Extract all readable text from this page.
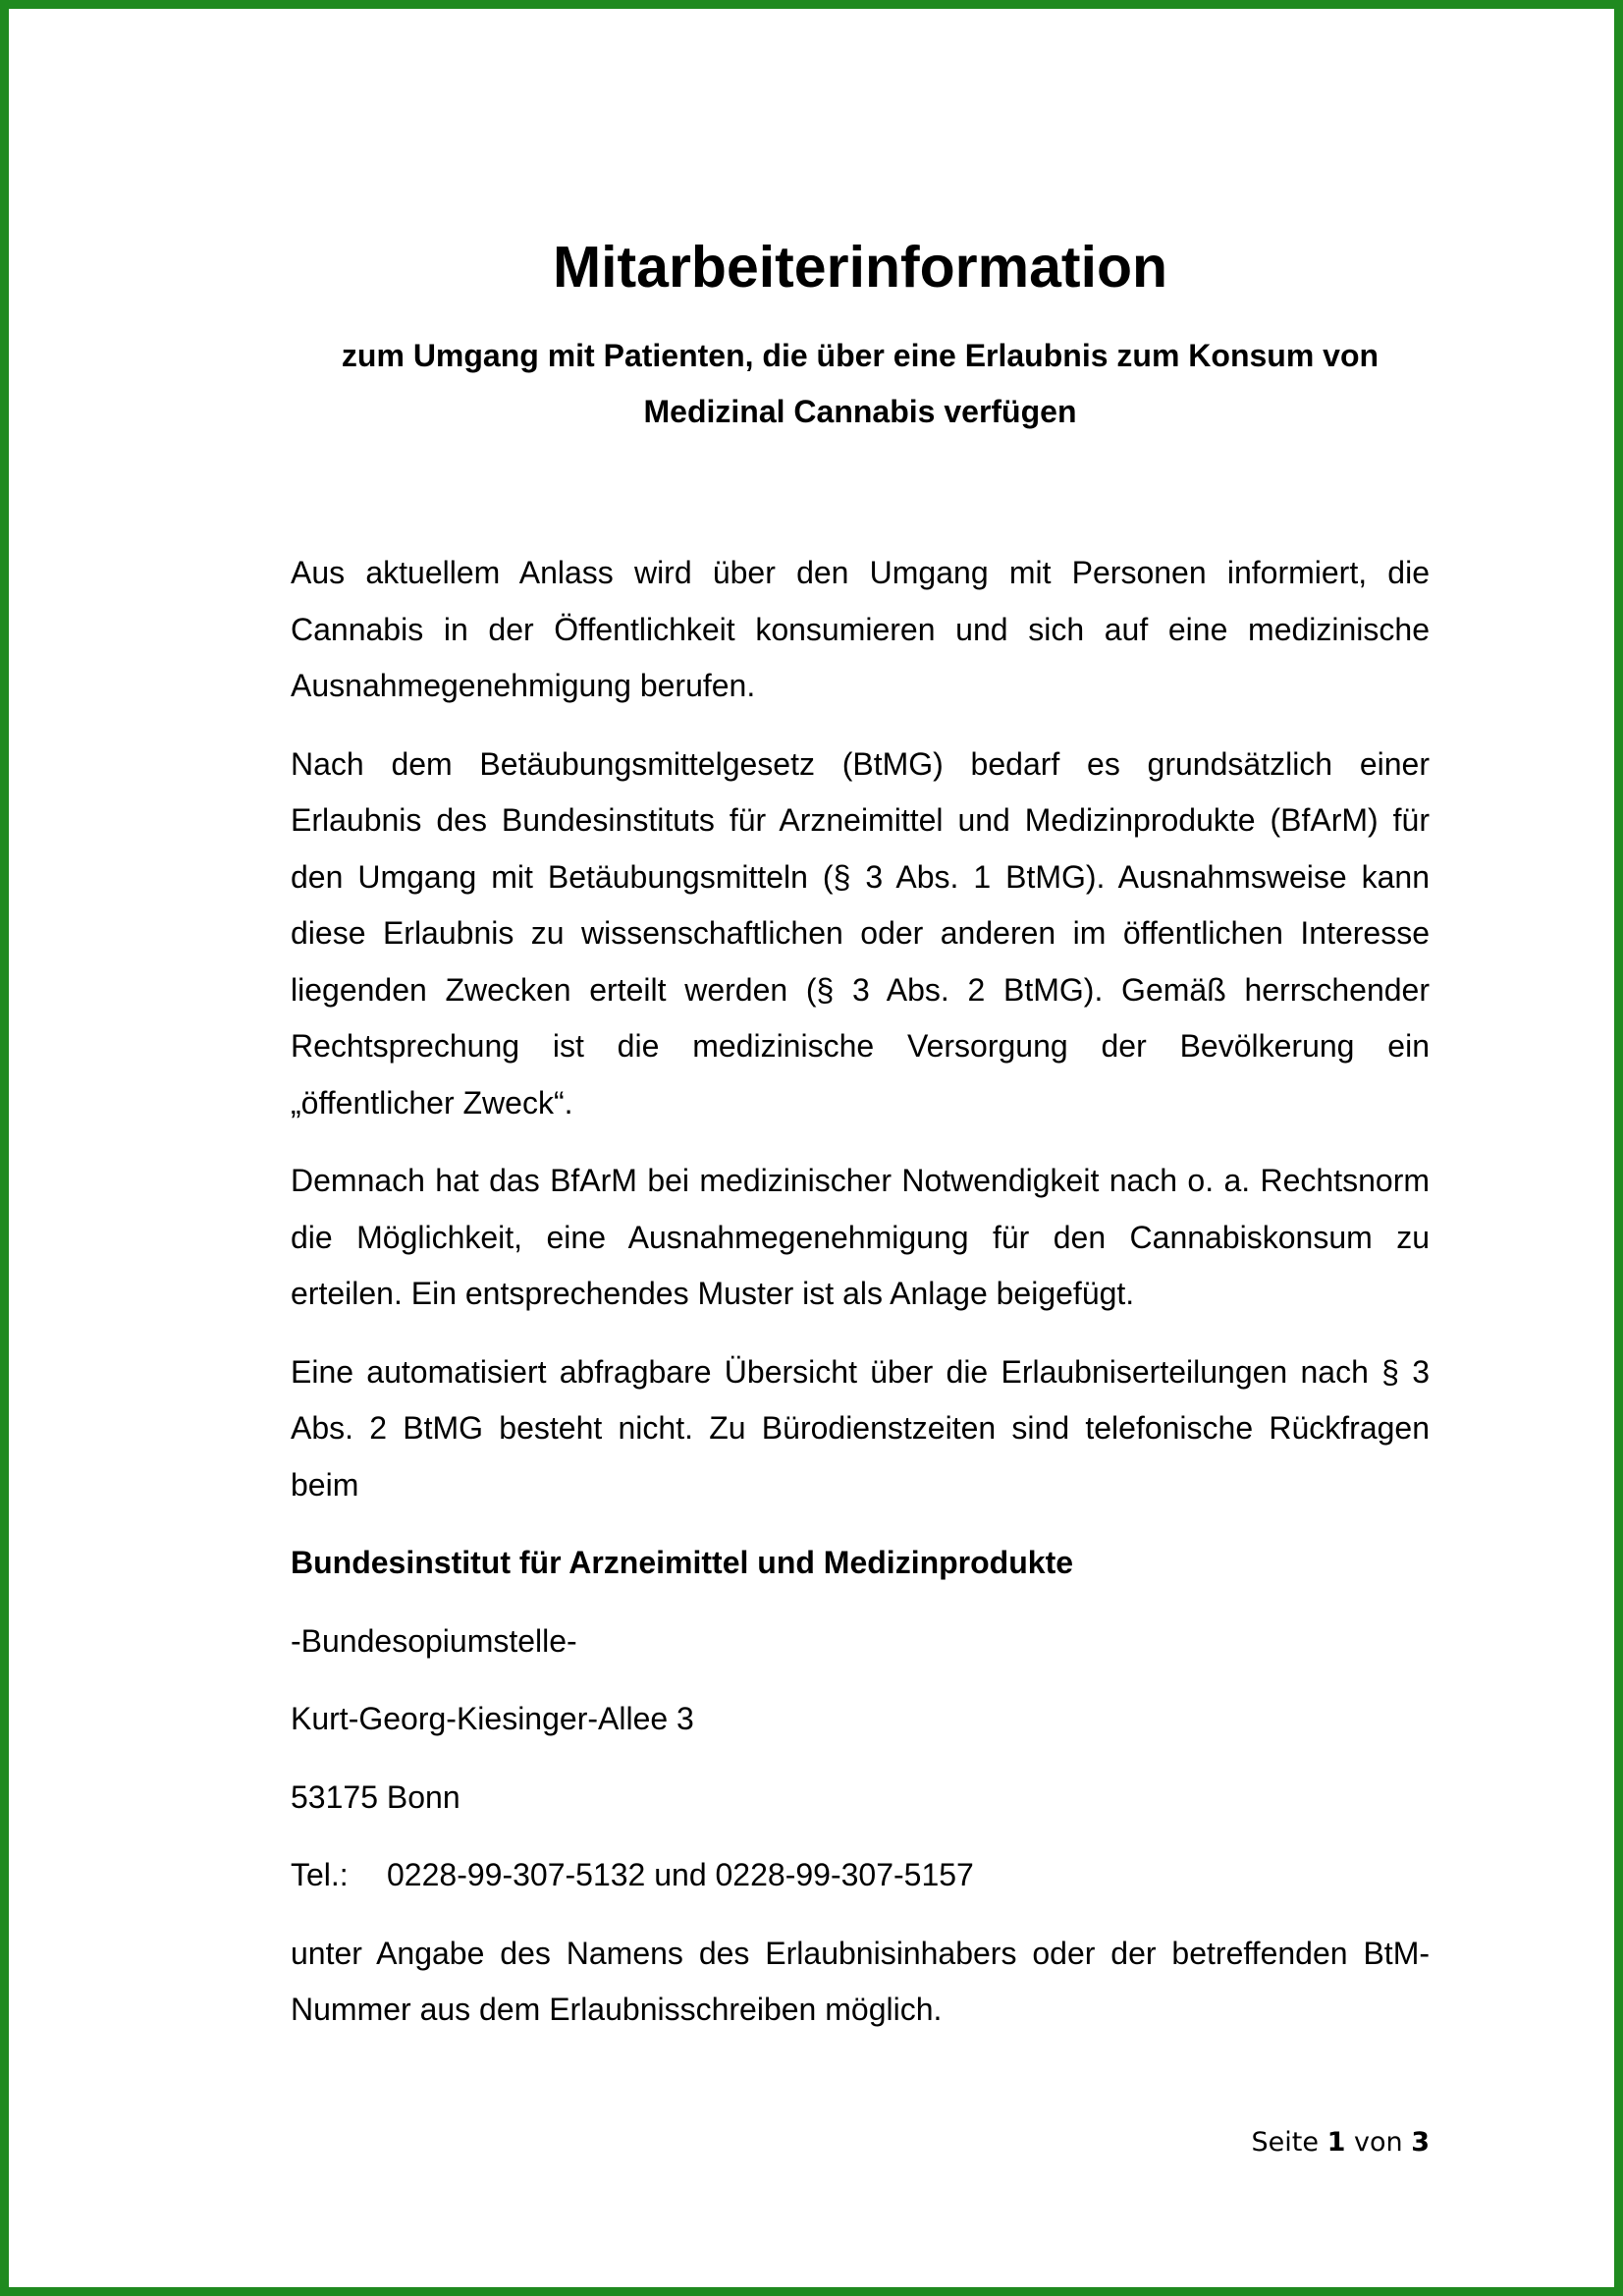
Mitarbeiterinformation
zum Umgang mit Patienten, die über eine Erlaubnis zum Konsum von
Medizinal Cannabis verfügen

Aus aktuellem Anlass wird über den Umgang mit Personen informiert, die Cannabis in der Öffentlichkeit konsumieren und sich auf eine medizinische Ausnahmegenehmigung berufen.

Nach dem Betäubungsmittelgesetz (BtMG) bedarf es grundsätzlich einer Erlaubnis des Bundesinstituts für Arzneimittel und Medizinprodukte (BfArM) für den Umgang mit Betäubungsmitteln (§ 3 Abs. 1 BtMG). Ausnahmsweise kann diese Erlaubnis zu wissenschaftlichen oder anderen im öffentlichen Interesse liegenden Zwecken erteilt werden (§ 3 Abs. 2 BtMG). Gemäß herrschender Rechtsprechung ist die medizinische Versorgung der Bevölkerung ein „öffentlicher Zweck“.

Demnach hat das BfArM bei medizinischer Notwendigkeit nach o. a. Rechtsnorm die Möglichkeit, eine Ausnahmegenehmigung für den Cannabiskonsum zu erteilen. Ein entsprechendes Muster ist als Anlage beigefügt.

Eine automatisiert abfragbare Übersicht über die Erlaubniserteilungen nach § 3 Abs. 2 BtMG besteht nicht. Zu Bürodienstzeiten sind telefonische Rückfragen beim

Bundesinstitut für Arzneimittel und Medizinprodukte

-Bundesopiumstelle-

Kurt-Georg-Kiesinger-Allee 3

53175 Bonn

Tel.: 0228-99-307-5132 und 0228-99-307-5157

unter Angabe des Namens des Erlaubnisinhabers oder der betreffenden BtM-Nummer aus dem Erlaubnisschreiben möglich.

Seite 1 von 3
